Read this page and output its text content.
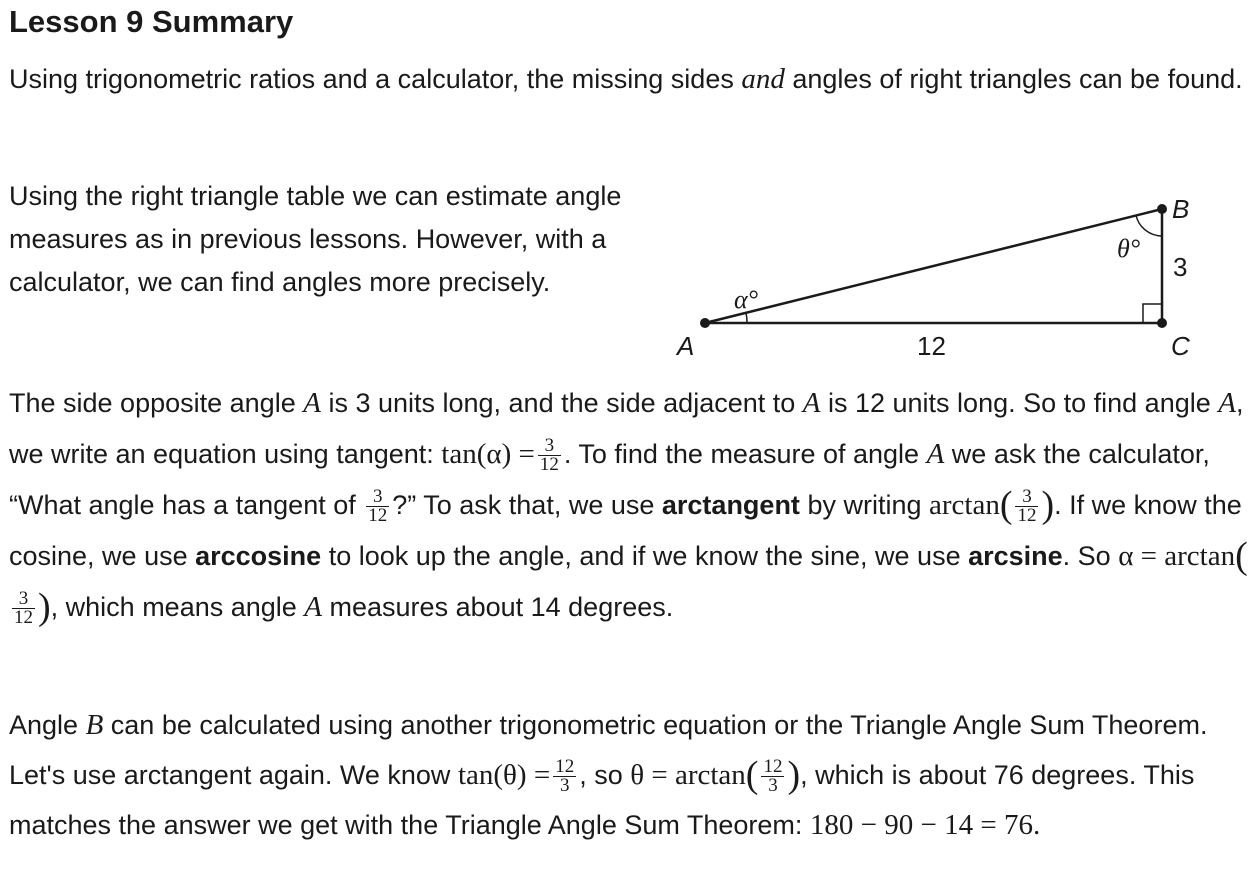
Lesson 9 Summary

Using trigonometric ratios and a calculator, the missing sides and angles of right triangles can be found.

Using the right triangle table we can estimate angle measures as in previous lessons. However, with a calculator, we can find angles more precisely.

A
B
C
12
3
α°
θ°

The side opposite angle A is 3 units long, and the side adjacent to A is 12 units long. So to find angle A, we write an equation using tangent: $\tan(\alpha) = \frac{3}{12}$ . To find the measure of angle A we ask the calculator, “What angle has a tangent of $\frac{3}{12}$ ?” To ask that, we use arctangent by writing $\arctan( \frac{3}{12}$ ). If we know the cosine, we use arccosine to look up the angle, and if we know the sine, we use arcsine. So α = arctan(
$\frac{3}{12}$ ), which means angle A measures about 14 degrees.

Angle B can be calculated using another trigonometric equation or the Triangle Angle Sum Theorem. Let's use arctangent again. We know $\tan(\theta) = \frac{12}{3}$ , so $\theta = \arctan( \frac{12}{3}$ ), which is about 76 degrees. This matches the answer we get with the Triangle Angle Sum Theorem: 180 − 90 − 14 = 76.
